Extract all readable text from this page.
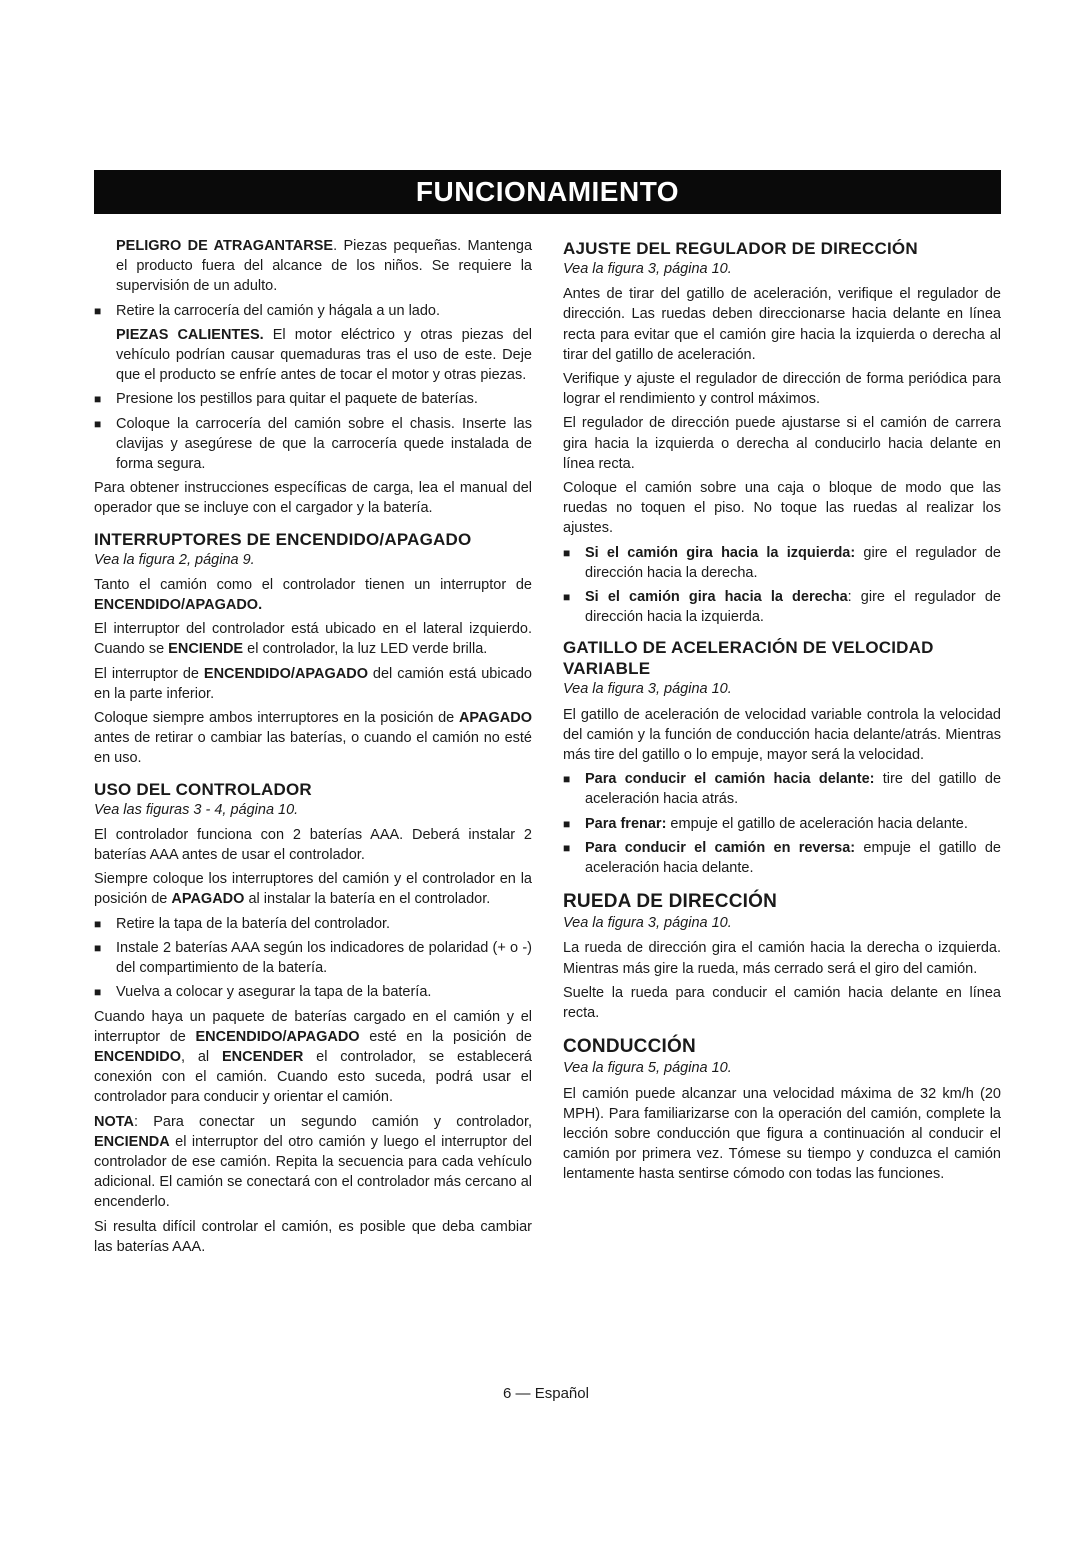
FUNCIONAMIENTO

PELIGRO DE ATRAGANTARSE. Piezas pequeñas. Mantenga el producto fuera del alcance de los niños. Se requiere la supervisión de un adulto.

■	Retire la carrocería del camión y hágala a un lado.

PIEZAS CALIENTES. El motor eléctrico y otras piezas del vehículo podrían causar quemaduras tras el uso de este. Deje que el producto se enfríe antes de tocar el motor y otras piezas.

■	Presione los pestillos para quitar el paquete de baterías.
■	Coloque la carrocería del camión sobre el chasis. Inserte las clavijas y asegúrese de que la carrocería quede instalada de forma segura.

Para obtener instrucciones específicas de carga, lea el manual del operador que se incluye con el cargador y la batería.

INTERRUPTORES DE ENCENDIDO/APAGADO

Vea la figura 2, página 9.

Tanto el camión como el controlador tienen un interruptor de ENCENDIDO/APAGADO.

El interruptor del controlador está ubicado en el lateral izquierdo. Cuando se ENCIENDE el controlador, la luz LED verde brilla.

El interruptor de ENCENDIDO/APAGADO del camión está ubicado en la parte inferior.

Coloque siempre ambos interruptores en la posición de APAGADO antes de retirar o cambiar las baterías, o cuando el camión no esté en uso.

USO DEL CONTROLADOR

Vea las figuras 3 - 4, página 10.

El controlador funciona con 2 baterías AAA. Deberá instalar 2 baterías AAA antes de usar el controlador.

Siempre coloque los interruptores del camión y el controlador en la posición de APAGADO al instalar la batería en el controlador.

■	Retire la tapa de la batería del controlador.
■	Instale 2 baterías AAA según los indicadores de polaridad (+ o -) del compartimiento de la batería.
■	Vuelva a colocar y asegurar la tapa de la batería.

Cuando haya un paquete de baterías cargado en el camión y el interruptor de ENCENDIDO/APAGADO esté en la posición de ENCENDIDO, al ENCENDER el controlador, se establecerá conexión con el camión. Cuando esto suceda, podrá usar el controlador para conducir y orientar el camión.

NOTA: Para conectar un segundo camión y controlador, ENCIENDA el interruptor del otro camión y luego el interruptor del controlador de ese camión. Repita la secuencia para cada vehículo adicional. El camión se conectará con el controlador más cercano al encenderlo.

Si resulta difícil controlar el camión, es posible que deba cambiar las baterías AAA.

AJUSTE DEL REGULADOR DE DIRECCIÓN

Vea la figura 3, página 10.

Antes de tirar del gatillo de aceleración, verifique el regulador de dirección. Las ruedas deben direccionarse hacia delante en línea recta para evitar que el camión gire hacia la izquierda o derecha al tirar del gatillo de aceleración.

Verifique y ajuste el regulador de dirección de forma periódica para lograr el rendimiento y control máximos.

El regulador de dirección puede ajustarse si el camión de carrera gira hacia la izquierda o derecha al conducirlo hacia delante en línea recta.

Coloque el camión sobre una caja o bloque de modo que las ruedas no toquen el piso. No toque las ruedas al realizar los ajustes.

■	Si el camión gira hacia la izquierda: gire el regulador de dirección hacia la derecha.
■	Si el camión gira hacia la derecha: gire el regulador de dirección hacia la izquierda.
GATILLO DE ACELERACIÓN DE VELOCIDAD VARIABLE

Vea la figura 3, página 10.

El gatillo de aceleración de velocidad variable controla la velocidad del camión y la función de conducción hacia delante/atrás. Mientras más tire del gatillo o lo empuje, mayor será la velocidad.

■	Para conducir el camión hacia delante: tire del gatillo de aceleración hacia atrás.
■	Para frenar: empuje el gatillo de aceleración hacia delante.
■	Para conducir el camión en reversa: empuje el gatillo de aceleración hacia delante.
RUEDA DE DIRECCIÓN

Vea la figura 3, página 10.

La rueda de dirección gira el camión hacia la derecha o izquierda. Mientras más gire la rueda, más cerrado será el giro del camión.

Suelte la rueda para conducir el camión hacia delante en línea recta.

CONDUCCIÓN

Vea la figura 5, página 10.

El camión puede alcanzar una velocidad máxima de 32 km/h (20 MPH). Para familiarizarse con la operación del camión, complete la lección sobre conducción que figura a continuación al conducir el camión por primera vez. Tómese su tiempo y conduzca el camión lentamente hasta sentirse cómodo con todas las funciones.

6 — Español
